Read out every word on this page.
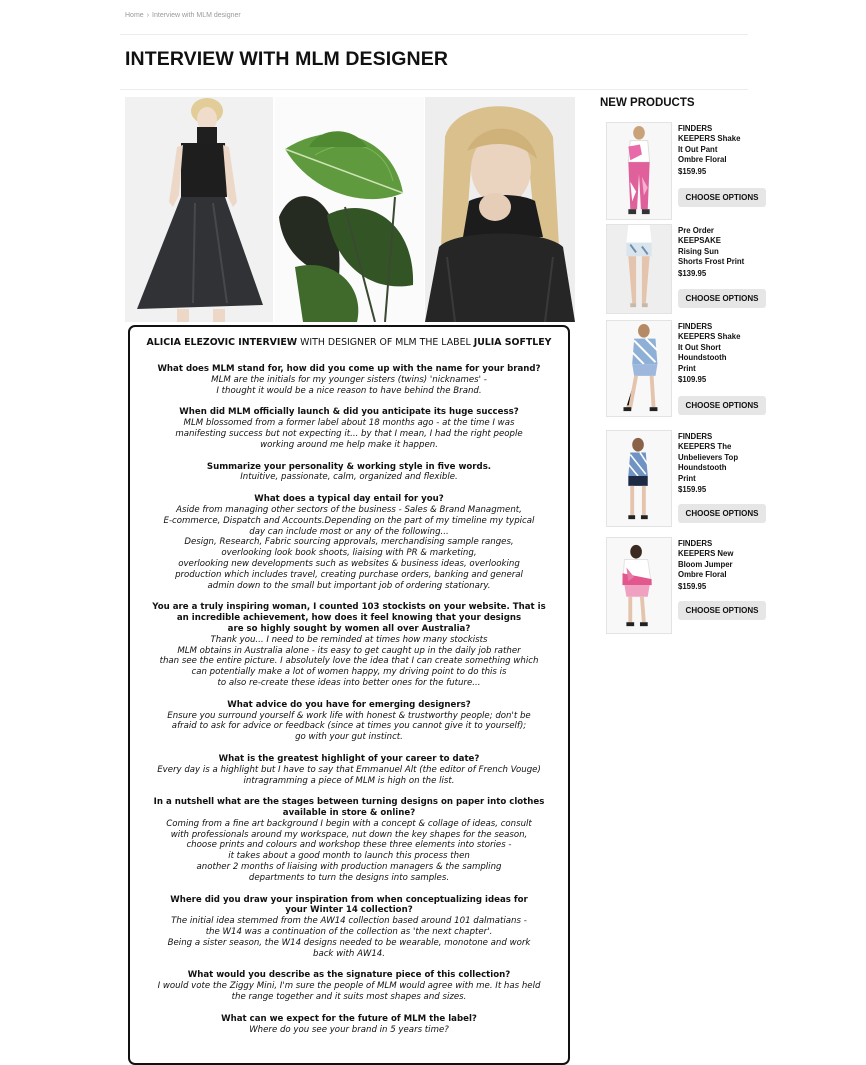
Home › Interview with MLM designer
INTERVIEW WITH MLM DESIGNER
ALICIA ELEZOVIC INTERVIEW WITH DESIGNER OF MLM THE LABEL JULIA SOFTLEY
What does MLM stand for, how did you come up with the name for your brand?
MLM are the initials for my younger sisters (twins) 'nicknames' -
I thought it would be a nice reason to have behind the Brand.
When did MLM officially launch & did you anticipate its huge success?
MLM blossomed from a former label about 18 months ago - at the time I was
manifesting success but not expecting it... by that I mean, I had the right people
working around me help make it happen.
Summarize your personality & working style in five words.
Intuitive, passionate, calm, organized and flexible.
What does a typical day entail for you?
Aside from managing other sectors of the business - Sales & Brand Managment,
E-commerce, Dispatch and Accounts.Depending on the part of my timeline my typical
day can include most or any of the following...
Design, Research, Fabric sourcing approvals, merchandising sample ranges,
overlooking look book shoots, liaising with PR & marketing,
overlooking new developments such as websites & business ideas, overlooking
production which includes travel, creating purchase orders, banking and general
admin down to the small but important job of ordering stationary.
You are a truly inspiring woman, I counted 103 stockists on your website. That is
an incredible achievement, how does it feel knowing that your designs
are so highly sought by women all over Australia?
Thank you... I need to be reminded at times how many stockists
MLM obtains in Australia alone - its easy to get caught up in the daily job rather
than see the entire picture. I absolutely love the idea that I can create something which
can potentially make a lot of women happy, my driving point to do this is
to also re-create these ideas into better ones for the future...
What advice do you have for emerging designers?
Ensure you surround yourself & work life with honest & trustworthy people; don't be
afraid to ask for advice or feedback (since at times you cannot give it to yourself);
go with your gut instinct.
What is the greatest highlight of your career to date?
Every day is a highlight but I have to say that Emmanuel Alt (the editor of French Vouge)
intragramming a piece of MLM is high on the list.
In a nutshell what are the stages between turning designs on paper into clothes
available in store & online?
Coming from a fine art background I begin with a concept & collage of ideas, consult
with professionals around my workspace, nut down the key shapes for the season,
choose prints and colours and workshop these three elements into stories -
it takes about a good month to launch this process then
another 2 months of liaising with production managers & the sampling
departments to turn the designs into samples.
Where did you draw your inspiration from when conceptualizing ideas for
your Winter 14 collection?
The initial idea stemmed from the AW14 collection based around 101 dalmatians -
the W14 was a continuation of the collection as 'the next chapter'.
Being a sister season, the W14 designs needed to be wearable, monotone and work
back with AW14.
What would you describe as the signature piece of this collection?
I would vote the Ziggy Mini, I'm sure the people of MLM would agree with me. It has held
the range together and it suits most shapes and sizes.
What can we expect for the future of MLM the label?
Where do you see your brand in 5 years time?
NEW PRODUCTS
FINDERS
KEEPERS Shake
It Out Pant
Ombre Floral
$159.95
CHOOSE OPTIONS
Pre Order
KEEPSAKE
Rising Sun
Shorts Frost Print
$139.95
CHOOSE OPTIONS
FINDERS
KEEPERS Shake
It Out Short
Houndstooth
Print
$109.95
CHOOSE OPTIONS
FINDERS
KEEPERS The
Unbelievers Top
Houndstooth
Print
$159.95
CHOOSE OPTIONS
FINDERS
KEEPERS New
Bloom Jumper
Ombre Floral
$159.95
CHOOSE OPTIONS
